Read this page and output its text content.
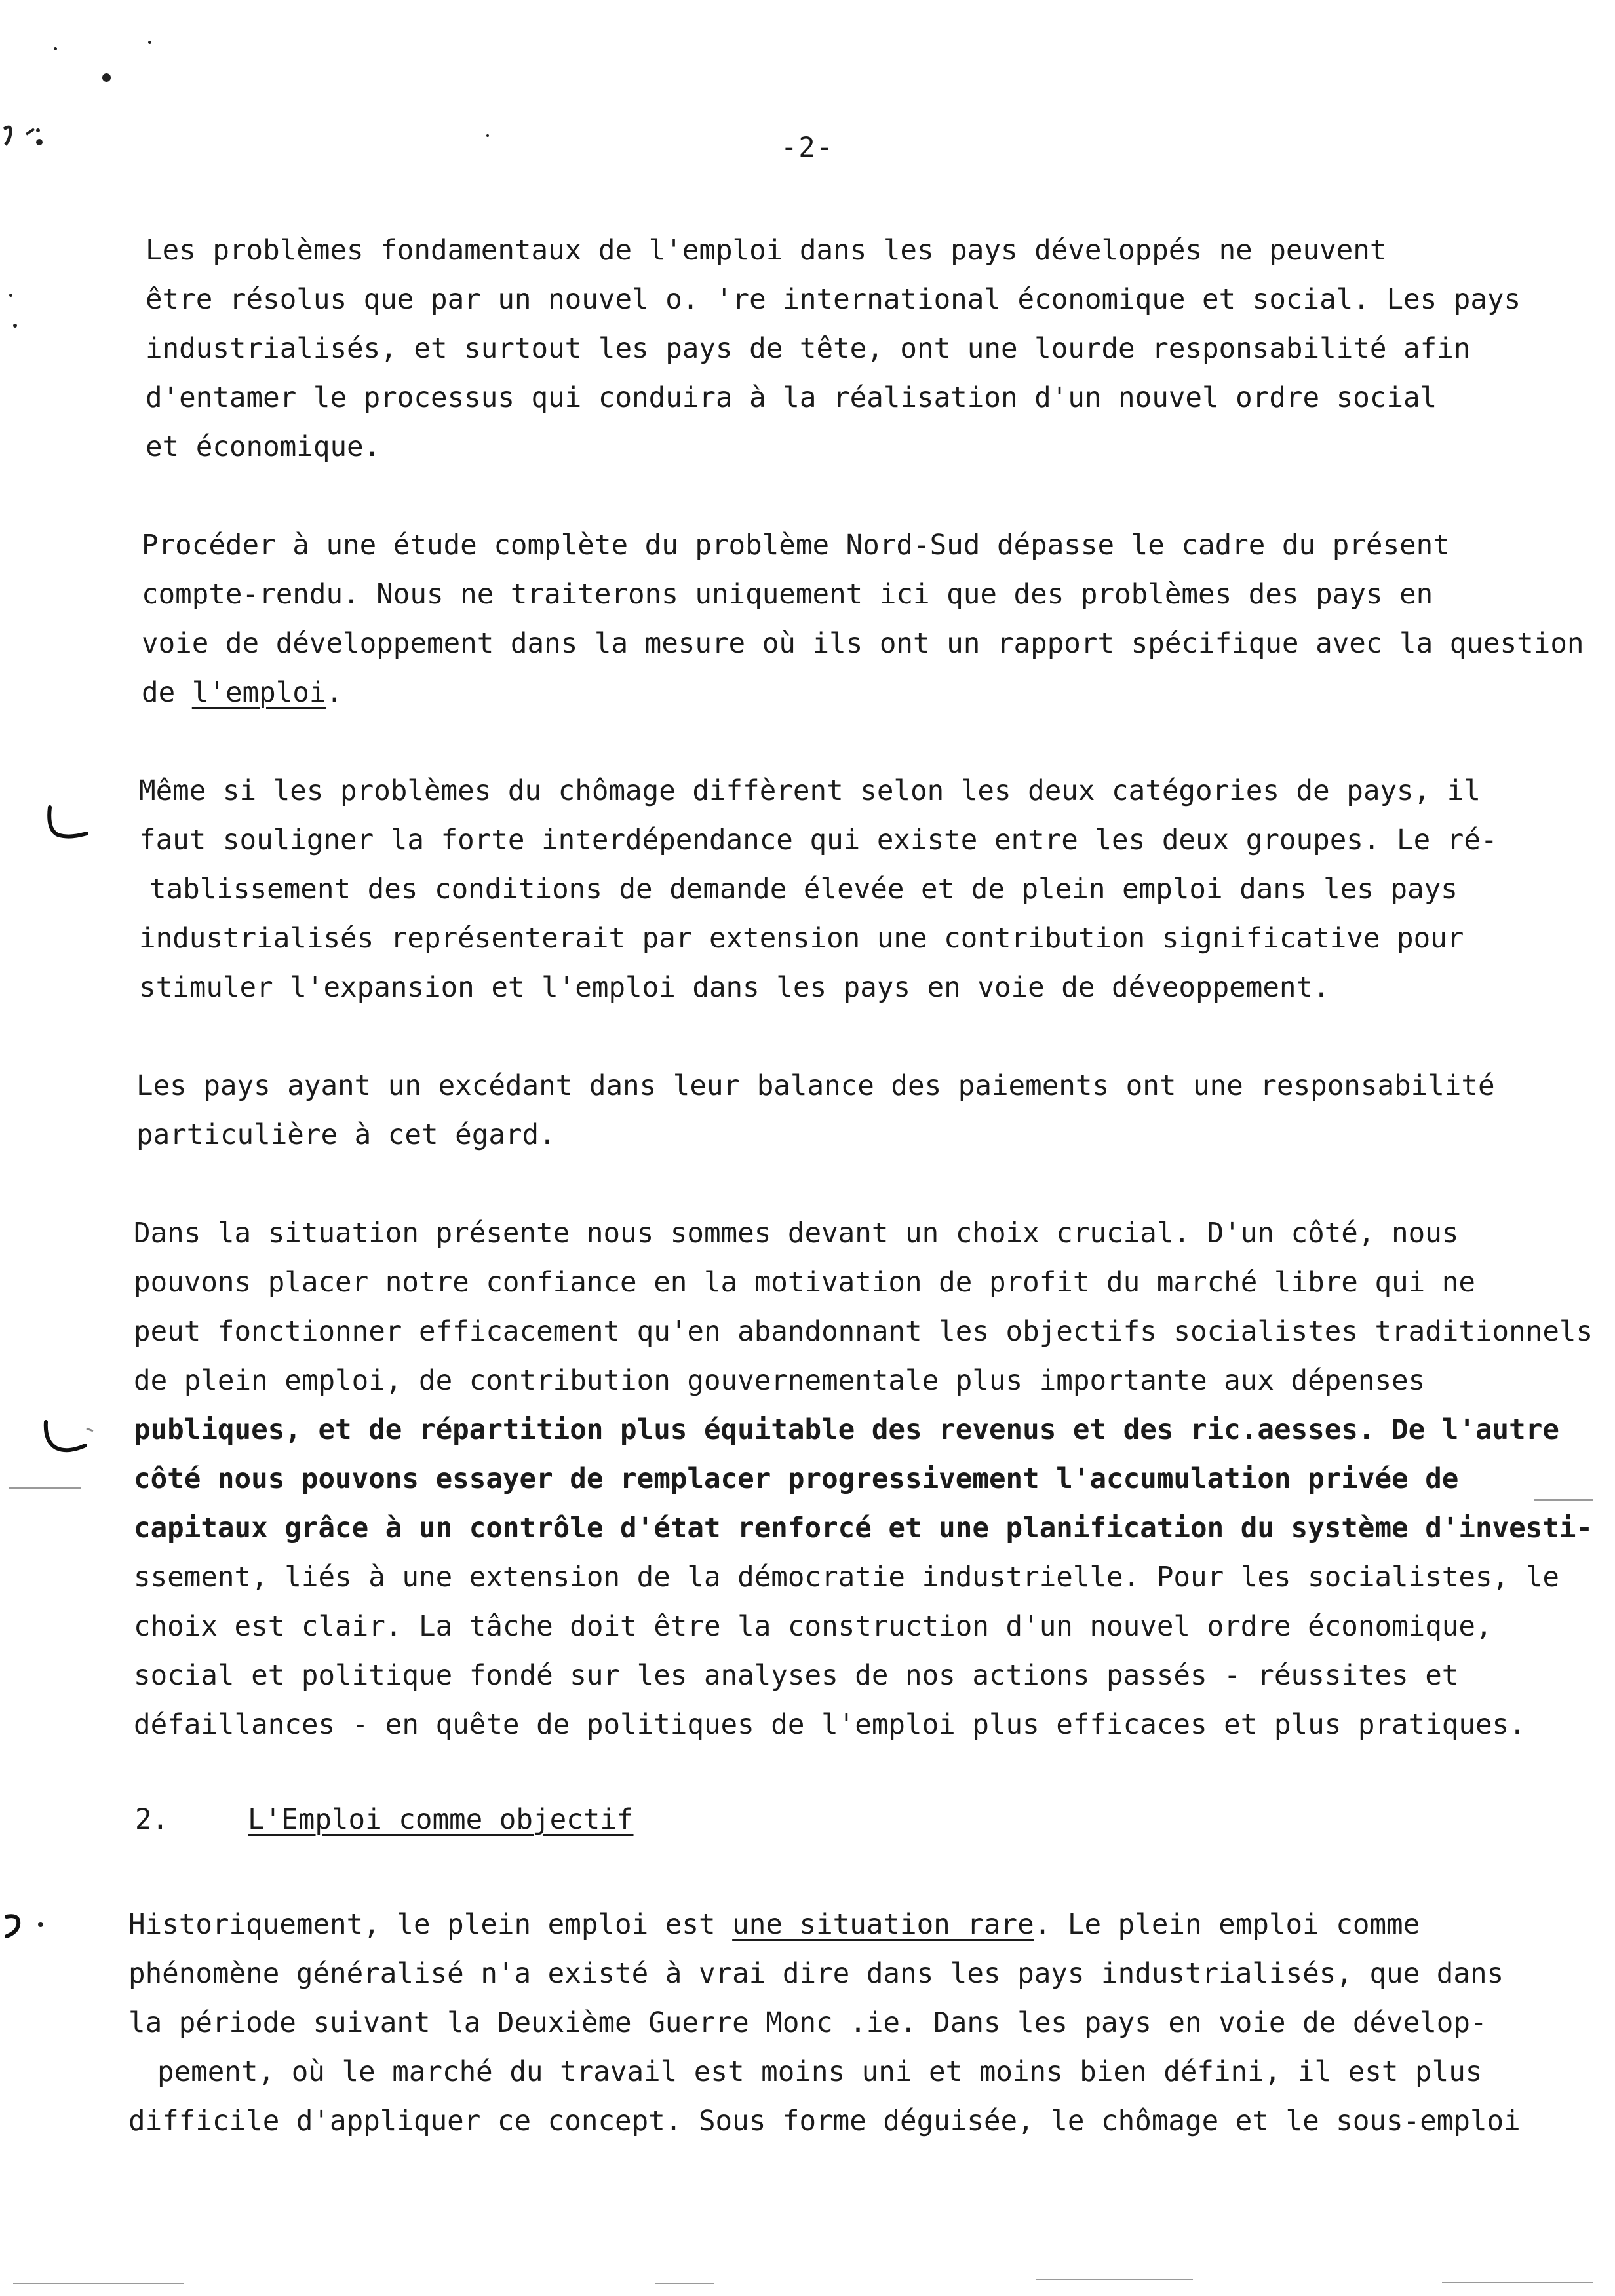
-2-
Les problèmes fondamentaux de l'emploi dans les pays développés ne peuvent
être résolus que par un nouvel o. 're international économique et social. Les pays
industrialisés, et surtout les pays de tête, ont une lourde responsabilité afin
d'entamer le processus qui conduira à la réalisation d'un nouvel ordre social
et économique.
Procéder à une étude complète du problème Nord-Sud dépasse le cadre du présent
compte-rendu. Nous ne traiterons uniquement ici que des problèmes des pays en
voie de développement dans la mesure où ils ont un rapport spécifique avec la question
de l'emploi.
Même si les problèmes du chômage diffèrent selon les deux catégories de pays, il
faut souligner la forte interdépendance qui existe entre les deux groupes. Le ré-
tablissement des conditions de demande élevée et de plein emploi dans les pays
industrialisés représenterait par extension une contribution significative pour
stimuler l'expansion et l'emploi dans les pays en voie de déveoppement.
Les pays ayant un excédant dans leur balance des paiements ont une responsabilité
particulière à cet égard.
Dans la situation présente nous sommes devant un choix crucial. D'un côté, nous
pouvons placer notre confiance en la motivation de profit du marché libre qui ne
peut fonctionner efficacement qu'en abandonnant les objectifs socialistes traditionnels
de plein emploi, de contribution gouvernementale plus importante aux dépenses
publiques, et de répartition plus équitable des revenus et des ric.aesses. De l'autre
côté nous pouvons essayer de remplacer progressivement l'accumulation privée de
capitaux grâce à un contrôle d'état renforcé et une planification du système d'investi-
ssement, liés à une extension de la démocratie industrielle. Pour les socialistes, le
choix est clair. La tâche doit être la construction d'un nouvel ordre économique,
social et politique fondé sur les analyses de nos actions passés - réussites et
défaillances - en quête de politiques de l'emploi plus efficaces et plus pratiques.
2.	L'Emploi comme objectif
Historiquement, le plein emploi est une situation rare. Le plein emploi comme
phénomène généralisé n'a existé à vrai dire dans les pays industrialisés, que dans
la période suivant la Deuxième Guerre Monc .ie. Dans les pays en voie de dévelop-
pement, où le marché du travail est moins uni et moins bien défini, il est plus
difficile d'appliquer ce concept. Sous forme déguisée, le chômage et le sous-emploi
